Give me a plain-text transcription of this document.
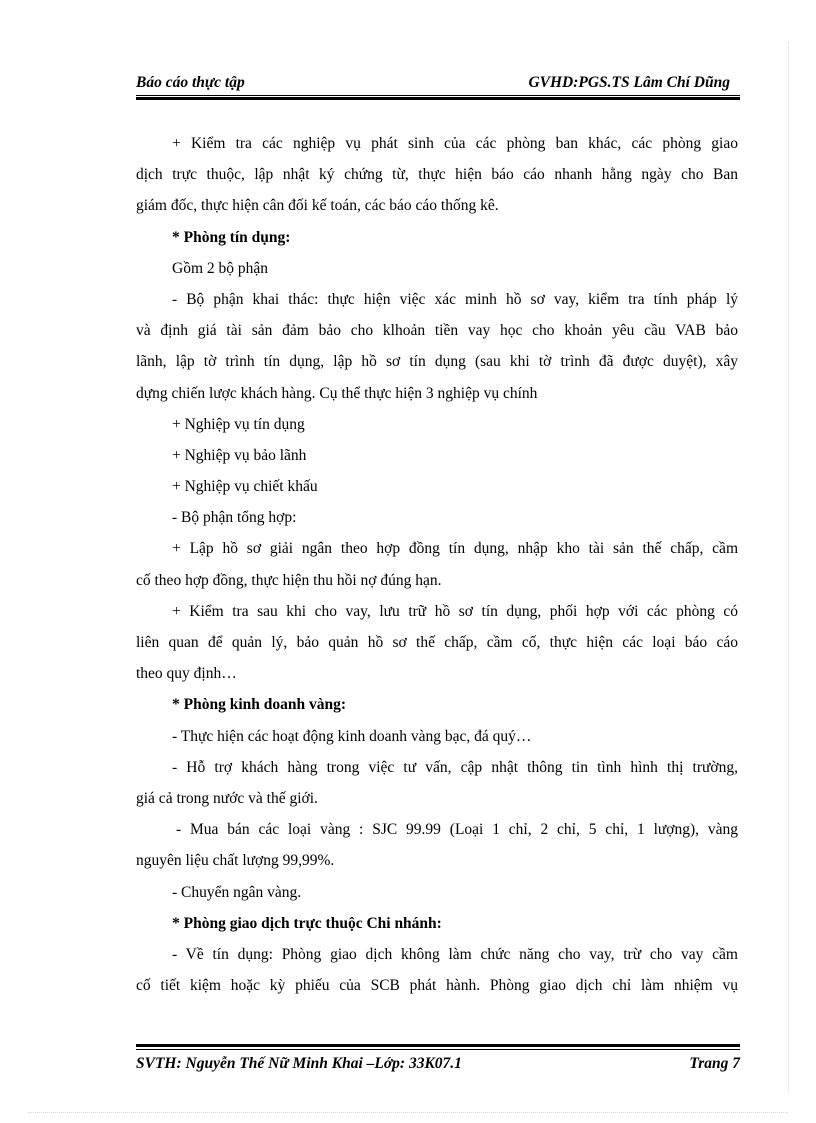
Báo cáo thực tập	GVHD:PGS.TS Lâm Chí Dũng
+ Kiểm tra các nghiệp vụ phát sinh của các phòng ban khác, các phòng giao
dịch trực thuộc, lập nhật ký chứng từ, thực hiện báo cáo nhanh hằng ngày cho Ban
giám đốc, thực hiện cân đối kế toán, các báo cáo thống kê.
* Phòng tín dụng:
Gồm 2 bộ phận
- Bộ phận khai thác: thực hiện việc xác minh hồ sơ vay, kiểm tra tính pháp lý
và định giá tài sản đảm bảo cho klhoản tiền vay học cho khoản yêu cầu VAB bảo
lãnh, lập tờ trình tín dụng, lập hồ sơ tín dụng (sau khi tờ trình đã được duyệt), xây
dựng chiến lược khách hàng. Cụ thể thực hiện 3 nghiệp vụ chính
+ Nghiệp vụ tín dụng
+ Nghiệp vụ bảo lãnh
+ Nghiệp vụ chiết khấu
- Bộ phận tổng hợp:
+ Lập hồ sơ giải ngân theo hợp đồng tín dụng, nhập kho tài sản thế chấp, cầm
cố theo hợp đồng, thực hiện thu hồi nợ đúng hạn.
+ Kiểm tra sau khi cho vay, lưu trữ hồ sơ tín dụng, phối hợp với các phòng có
liên quan để quản lý, bảo quản hồ sơ thế chấp, cầm cố, thực hiện các loại báo cáo
theo quy định…
* Phòng kinh doanh vàng:
- Thực hiện các hoạt động kinh doanh vàng bạc, đá quý…
- Hỗ trợ khách hàng trong việc tư vấn, cập nhật thông tin tình hình thị trường,
giá cả trong nước và thế giới.
- Mua bán các loại vàng : SJC 99.99 (Loại 1 chỉ, 2 chỉ, 5 chỉ, 1 lượng), vàng
nguyên liệu chất lượng 99,99%.
- Chuyển ngân vàng.
* Phòng giao dịch trực thuộc Chi nhánh:
- Về tín dụng: Phòng giao dịch không làm chức năng cho vay, trừ cho vay cầm
cố tiết kiệm hoặc kỳ phiếu của SCB phát hành. Phòng giao dịch chỉ làm nhiệm vụ
SVTH: Nguyễn Thế Nữ Minh Khai –Lớp: 33K07.1	Trang 7
